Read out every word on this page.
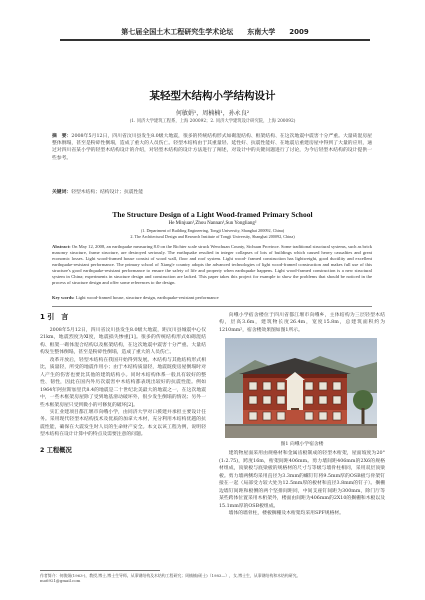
第七届全国土木工程研究生学术论坛 东南大学 2009
某轻型木结构小学结构设计
何敏娟¹，周楠楠¹，孙永良²
(1. 同济大学建筑工程系，上海 200092；2. 同济大学建筑设计研究院，上海 200092)
摘　要：2008年5月12日，四川省汶川县发生8.0级大地震，很多的传统结构形式如砌混结构、框架结构、在这次地震中震害十分严重。大量砖混房屋整体倒塌，甚至是粉碎性倒塌，造成了重大的人员伤亡。轻型木结构由于其重量轻、延性好、抗震性能好、在地震后重建房屋中得到了大量的应用，通过对四川省某小学的轻型木结构设计的介绍，对轻型木结构的设计方法进行了阐述，对设计中的关键问题进行了讨论，为今后轻型木结构的设计提供一些参考。
关键词：轻型木结构；结构设计；抗震性能
The Structure Design of a Light Wood-framed Primary School
He Minjuan¹,Zhou Nannan¹,Sun Yongliang²
(1. Department of Building Engineering, Tongji University, Shanghai 200092, China)
2. The Architectural Design and Research Institute of Tongji University, Shanghai 200092, China)
Abstract: On May 12, 2008, an earthquake measuring 8.0 on the Richter scale struck Wenchuan County, Sichuan Province. Some traditional structural systems, such as brick masonry structure, frame structure, are destroyed seriously. The earthquake resulted in integer collapses of lots of buildings which caused heavy casualties and great economic losses. Light wood-framed house consist of wood wall, floor and roof system. Light wood- framed construction has lightweight, good ductility and excellent earthquake-resistant performance. The primary school of Xiang'e country adopts the advanced technologies of light wood-framed construction and makes full use of this structure's good earthquake-resistant performance to ensure the safety of life and property when earthquake happens. Light wood-framed construction is a new structural system in China; experiments in structure design and construction are lacked. This paper takes this project for example to show the problems that should be noticed in the process of structure design and offer some references to the design.
Key words: Light wood-framed house, structure design, earthquake-resistant performance
1 引　言

2008年5月12日，四川省汶川县发生8.0级大地震，距汶川县城震中心仅21km，地震烈度为Ⅺ度，地震损失惨重[1]。很多的传统结构形式如砌混结构、框架一砌体混合结构以及框架结构，在这次地震中震害十分严重。大量结构发生整体倒塌，甚至是粉碎性倒塌，造成了重大的人员伤亡。

改革开放后，轻型木结构在我国开始得到发展。木结构与其他结构形式相比，质量轻，所受的地震作用小；由于木结构质量轻，地震既使房屋倒塌时对人产生的伤害也要比其他的建筑结构小。同时木结构体系一般具有较好的整性、韧性，因此在国内外历次震害中木结构都表现出较好的抗震性能。例如1964年阿拉斯加里氏8.4的地震是二十世纪北美最大的地震之一，在这次地震中，一些木框架房屋除了受到地基滑动破坏外，很少发生倒塌的情况；另外一些木框架房屋只受到微小的可修复的破坏[2]。

实汇业建项目都江堰市向峨小学，由同济大学对口援建并承担主要设计任务。采用现代轻型木结构技术及优质的加拿大木材，充分利用木结构优越的抗震性能，确保在大震发生时人员的生命财产安全。本文以该工程为例，说明轻型木结构在设计计算中的特点及需要注意的问题。

2 工程概况

向峨小学宿舍楼位于四川省都江堰市向峨乡，主体结构为三层轻型木结构，层高3.6m，建筑物长度26.4m，宽度15.8m，总建筑面积约为1210mm²，宿舍楼效果图如图1所示。

图1 向峨小学宿舍楼

建筑物屋面采用由规格材和金属齿板制成的轻型木桁架，屋面坡度为20°(1:2.75)，跨度16m，桁架间距406mm。剪力墙间距406mm的2X6的规格材组成，顶梁板与底梁板的规格材的尺寸与等级与墙骨柱相同，采用双层顶梁板。剪力墙两侧均采用直径为3.3mm的螺钉钉将9.5mm厚的OSB板与骨架钉接在一起（局部受力较大处为12.5mm厚的板材和直径3.8mm的钉子）。搁栅边墙钉间距和板侧的两个坚排间距同，中间支座钉间距为300mm，除门厅等某些跨体位置采用木桁架外，楼面由间距为406mm的2X10的搁栅和木板以及15.1mm厚的OSB板组成。

墙体的墙骨柱，楼板搁栅及木桁架均采用SPF规格材。

作者简介：何敏娟(1963-)，教授,博士,博士生导师。从事钢结构及木结构工程研究；周楠楠(硕士)（1983—），女,博士生，从事钢结构和木结构研究。
mo6921@gmail.com
